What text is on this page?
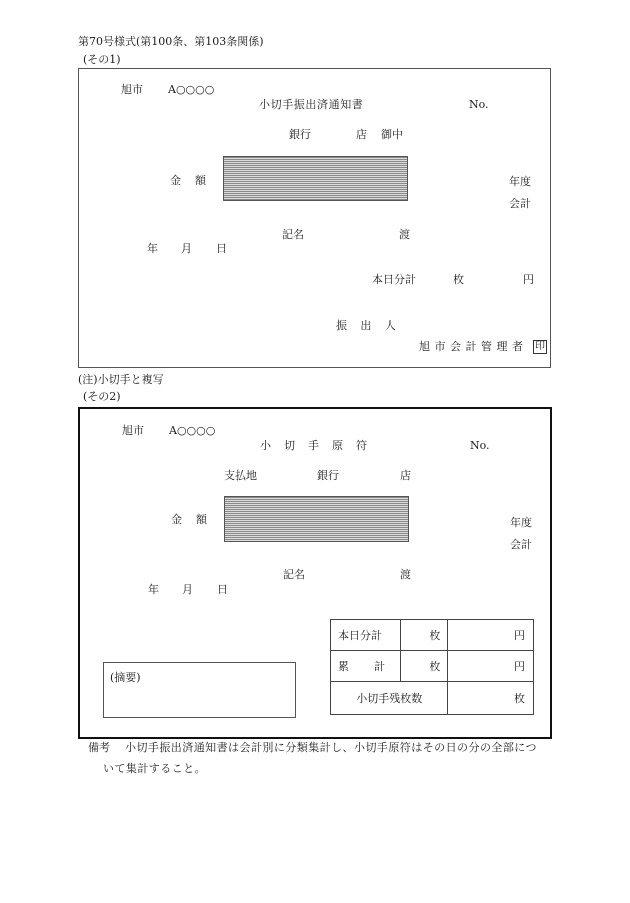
第70号様式(第100条、第103条関係)
(その1)
旭市 A○○○○
小切手振出済通知書	No.
銀行	店 御中
金　額	年度
会計
記名	渡
年 月 日
本日分計	枚	円
振　出　人
旭 市 会 計 管 理 者 印
(注)小切手と複写
(その2)
旭市 A○○○○
小　切　手　原　符	No.
支払地	銀行	店
金　額	年度
会計
記名	渡
年 月 日
本日分計	枚	円
累　計	枚	円
小切手残枚数		枚
(摘要)
備考 小切手振出済通知書は会計別に分類集計し、小切手原符はその日の分の全部につ
いて集計すること。
